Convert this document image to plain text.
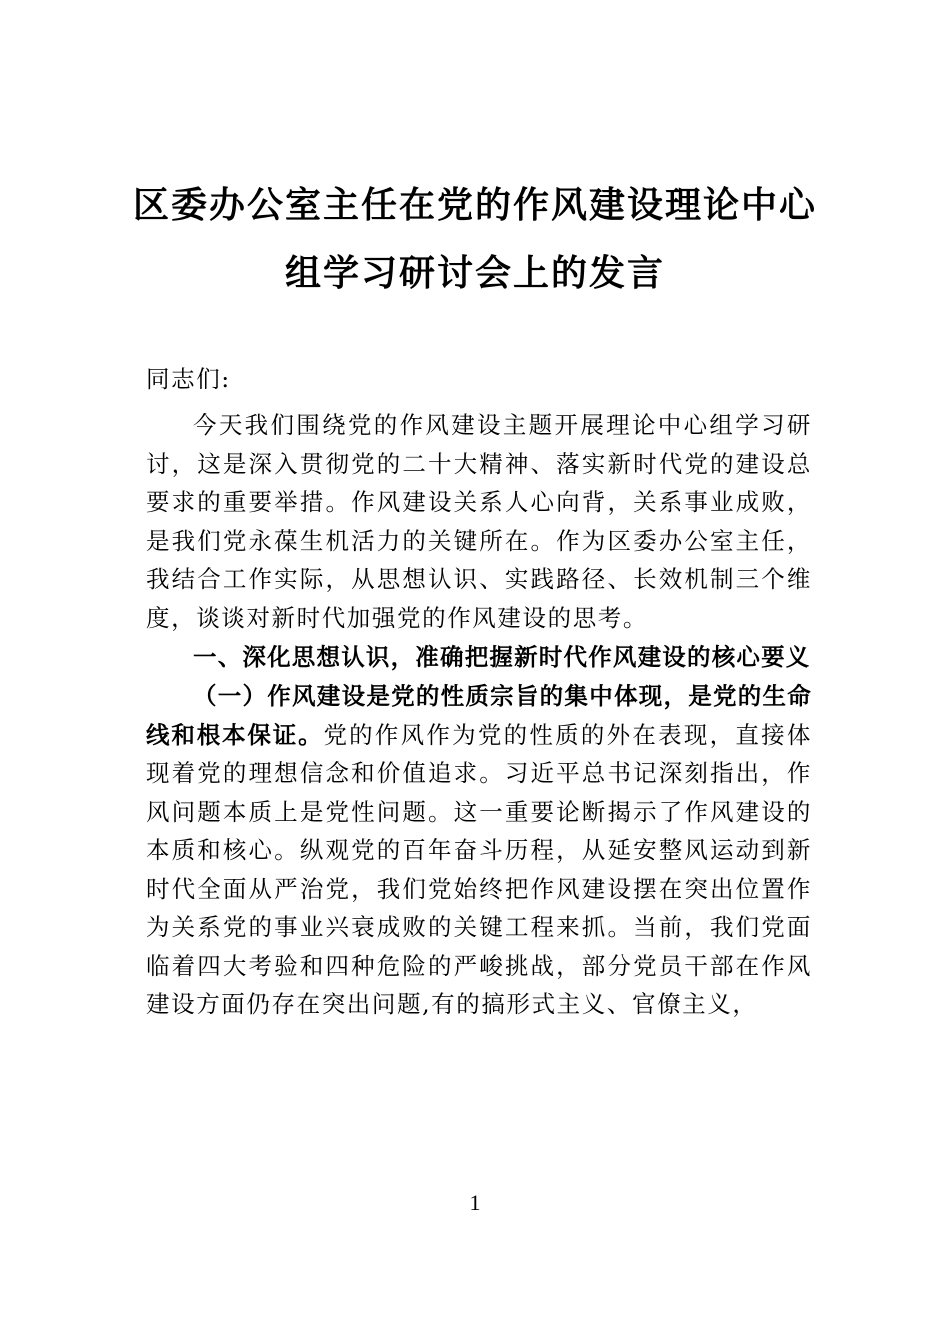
区委办公室主任在党的作风建设理论中心
组学习研讨会上的发言
同志们:

今天我们围绕党的作风建设主题开展理论中心组学习研讨，这是深入贯彻党的二十大精神、落实新时代党的建设总要求的重要举措。作风建设关系人心向背，关系事业成败，是我们党永葆生机活力的关键所在。作为区委办公室主任，我结合工作实际，从思想认识、实践路径、长效机制三个维度，谈谈对新时代加强党的作风建设的思考。

一、深化思想认识，准确把握新时代作风建设的核心要义

（一）作风建设是党的性质宗旨的集中体现，是党的生命线和根本保证。党的作风作为党的性质的外在表现，直接体现着党的理想信念和价值追求。习近平总书记深刻指出，作风问题本质上是党性问题。这一重要论断揭示了作风建设的本质和核心。纵观党的百年奋斗历程，从延安整风运动到新时代全面从严治党，我们党始终把作风建设摆在突出位置作为关系党的事业兴衰成败的关键工程来抓。当前，我们党面临着四大考验和四种危险的严峻挑战，部分党员干部在作风建设方面仍存在突出问题,有的搞形式主义、官僚主义，

1
